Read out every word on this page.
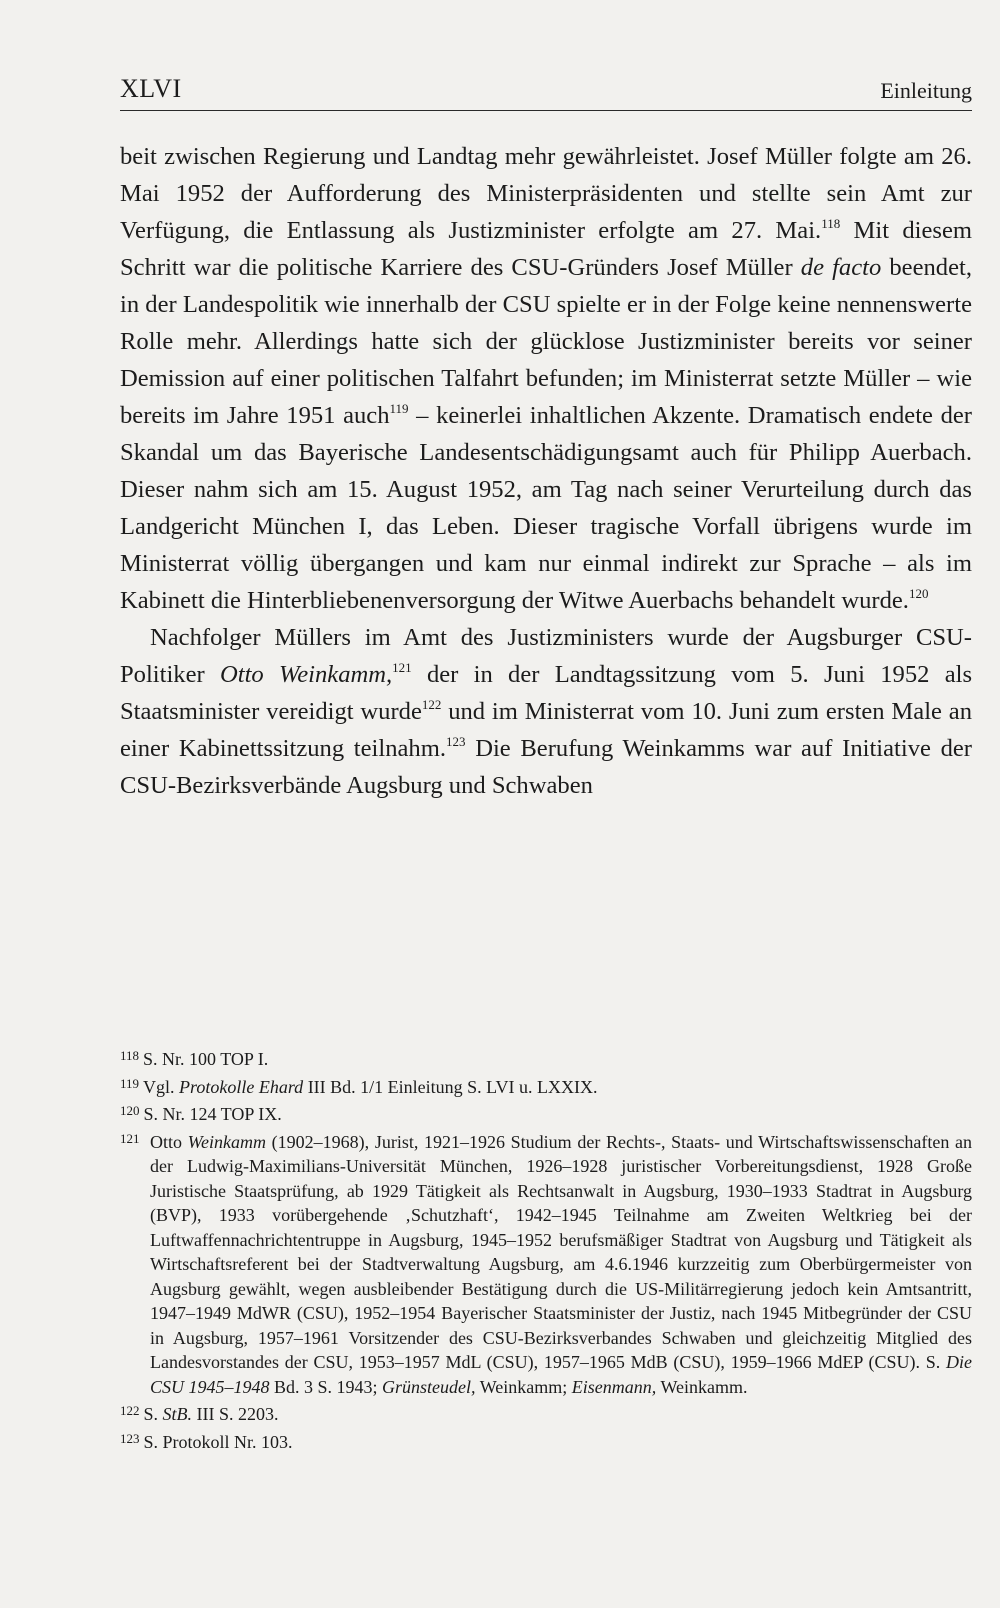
XLVI	Einleitung

beit zwischen Regierung und Landtag mehr gewährleistet. Josef Müller folgte am 26. Mai 1952 der Aufforderung des Ministerpräsidenten und stellte sein Amt zur Verfügung, die Entlassung als Justizminister erfolgte am 27. Mai.$^{118}$ Mit diesem Schritt war die politische Karriere des CSU-Gründers Josef Müller de facto beendet, in der Landespolitik wie innerhalb der CSU spielte er in der Folge keine nennenswerte Rolle mehr. Allerdings hatte sich der glücklose Justizminister bereits vor seiner Demission auf einer politischen Talfahrt befunden; im Ministerrat setzte Müller – wie bereits im Jahre 1951 auch$^{119}$ – keinerlei inhaltlichen Akzente. Dramatisch endete der Skandal um das Bayerische Landesentschädigungsamt auch für Philipp Auerbach. Dieser nahm sich am 15. August 1952, am Tag nach seiner Verurteilung durch das Landgericht München I, das Leben. Dieser tragische Vorfall übrigens wurde im Ministerrat völlig übergangen und kam nur einmal indirekt zur Sprache – als im Kabinett die Hinterbliebenenversorgung der Witwe Auerbachs behandelt wurde.$^{120}$

Nachfolger Müllers im Amt des Justizministers wurde der Augsburger CSU-Politiker Otto Weinkamm,$^{121}$ der in der Landtagssitzung vom 5. Juni 1952 als Staatsminister vereidigt wurde$^{122}$ und im Ministerrat vom 10. Juni zum ersten Male an einer Kabinettssitzung teilnahm.$^{123}$ Die Berufung Weinkamms war auf Initiative der CSU-Bezirksverbände Augsburg und Schwaben

$^{118}$ S. Nr. 100 TOP I.
$^{119}$ Vgl. Protokolle Ehard III Bd. 1/1 Einleitung S. LVI u. LXXIX.
$^{120}$ S. Nr. 124 TOP IX.
121 Otto Weinkamm (1902–1968), Jurist, 1921–1926 Studium der Rechts-, Staats- und Wirtschaftswissenschaften an der Ludwig-Maximilians-Universität München, 1926–1928 juristischer Vorbereitungsdienst, 1928 Große Juristische Staatsprüfung, ab 1929 Tätigkeit als Rechtsanwalt in Augsburg, 1930–1933 Stadtrat in Augsburg (BVP), 1933 vorübergehende ‚Schutzhaft‘, 1942–1945 Teilnahme am Zweiten Weltkrieg bei der Luftwaffennachrichtentruppe in Augsburg, 1945–1952 berufsmäßiger Stadtrat von Augsburg und Tätigkeit als Wirtschaftsreferent bei der Stadtverwaltung Augsburg, am 4.6.1946 kurzzeitig zum Oberbürgermeister von Augsburg gewählt, wegen ausbleibender Bestätigung durch die US-Militärregierung jedoch kein Amtsantritt, 1947–1949 MdWR (CSU), 1952–1954 Bayerischer Staatsminister der Justiz, nach 1945 Mitbegründer der CSU in Augsburg, 1957–1961 Vorsitzender des CSU-Bezirksverbandes Schwaben und gleichzeitig Mitglied des Landesvorstandes der CSU, 1953–1957 MdL (CSU), 1957–1965 MdB (CSU), 1959–1966 MdEP (CSU). S. Die CSU 1945–1948 Bd. 3 S. 1943; Grünsteudel, Weinkamm; Eisenmann, Weinkamm.
$^{122}$ S. StB. III S. 2203.
$^{123}$ S. Protokoll Nr. 103.
